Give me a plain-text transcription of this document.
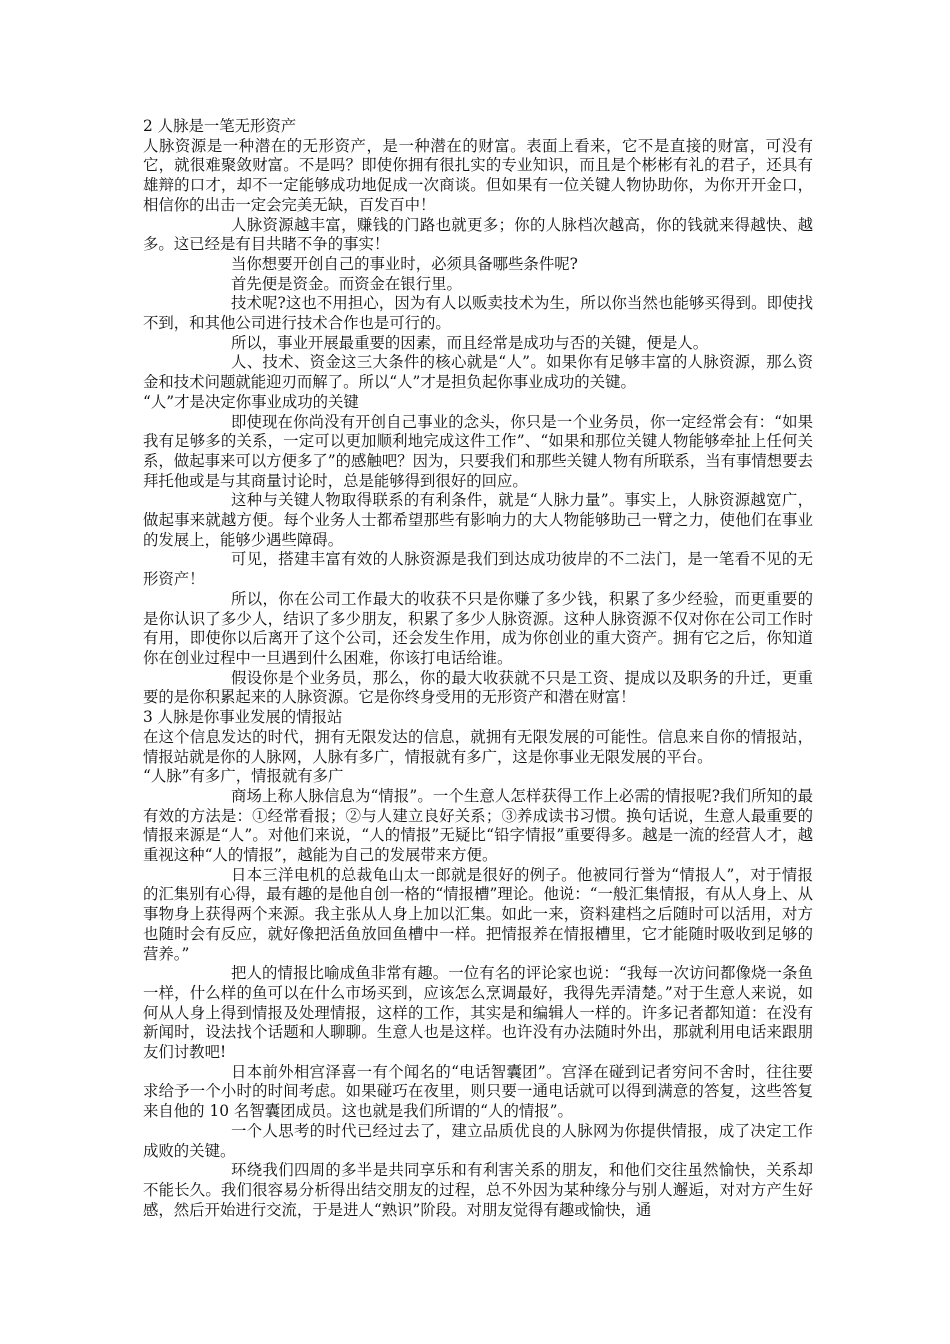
2 人脉是一笔无形资产

人脉资源是一种潜在的无形资产，是一种潜在的财富。表面上看来，它不是直接的财富，可没有它，就很难聚敛财富。不是吗？即使你拥有很扎实的专业知识，而且是个彬彬有礼的君子，还具有雄辩的口才，却不一定能够成功地促成一次商谈。但如果有一位关键人物协助你，为你开开金口，相信你的出击一定会完美无缺，百发百中！

人脉资源越丰富，赚钱的门路也就更多；你的人脉档次越高，你的钱就来得越快、越多。这已经是有目共睹不争的事实！

当你想要开创自己的事业时，必须具备哪些条件呢?

首先便是资金。而资金在银行里。

技术呢?这也不用担心，因为有人以贩卖技术为生，所以你当然也能够买得到。即使找不到，和其他公司进行技术合作也是可行的。

所以，事业开展最重要的因素，而且经常是成功与否的关键，便是人。

人、技术、资金这三大条件的核心就是“人”。如果你有足够丰富的人脉资源，那么资金和技术问题就能迎刃而解了。所以“人”才是担负起你事业成功的关键。

“人”才是决定你事业成功的关键

即使现在你尚没有开创自己事业的念头，你只是一个业务员，你一定经常会有：“如果我有足够多的关系，一定可以更加顺利地完成这件工作”、“如果和那位关键人物能够牵扯上任何关系，做起事来可以方便多了”的感触吧？因为，只要我们和那些关键人物有所联系，当有事情想要去拜托他或是与其商量讨论时，总是能够得到很好的回应。

这种与关键人物取得联系的有利条件，就是“人脉力量”。事实上，人脉资源越宽广，做起事来就越方便。每个业务人士都希望那些有影响力的大人物能够助己一臂之力，使他们在事业的发展上，能够少遇些障碍。

可见，搭建丰富有效的人脉资源是我们到达成功彼岸的不二法门，是一笔看不见的无形资产！

所以，你在公司工作最大的收获不只是你赚了多少钱，积累了多少经验，而更重要的是你认识了多少人，结识了多少朋友，积累了多少人脉资源。这种人脉资源不仅对你在公司工作时有用，即使你以后离开了这个公司，还会发生作用，成为你创业的重大资产。拥有它之后，你知道你在创业过程中一旦遇到什么困难，你该打电话给谁。

假设你是个业务员，那么，你的最大收获就不只是工资、提成以及职务的升迁，更重要的是你积累起来的人脉资源。它是你终身受用的无形资产和潜在财富！

3 人脉是你事业发展的情报站

在这个信息发达的时代，拥有无限发达的信息，就拥有无限发展的可能性。信息来自你的情报站，情报站就是你的人脉网，人脉有多广，情报就有多广，这是你事业无限发展的平台。

“人脉”有多广，情报就有多广

商场上称人脉信息为“情报”。一个生意人怎样获得工作上必需的情报呢?我们所知的最有效的方法是：①经常看报；②与人建立良好关系；③养成读书习惯。换句话说，生意人最重要的情报来源是“人”。对他们来说，“人的情报”无疑比“铅字情报”重要得多。越是一流的经营人才，越重视这种“人的情报”，越能为自己的发展带来方便。

日本三洋电机的总裁龟山太一郎就是很好的例子。他被同行誉为“情报人”，对于情报的汇集别有心得，最有趣的是他自创一格的“情报槽”理论。他说：“一般汇集情报，有从人身上、从事物身上获得两个来源。我主张从人身上加以汇集。如此一来，资料建档之后随时可以活用，对方也随时会有反应，就好像把活鱼放回鱼槽中一样。把情报养在情报槽里，它才能随时吸收到足够的营养。”

把人的情报比喻成鱼非常有趣。一位有名的评论家也说：“我每一次访问都像烧一条鱼一样，什么样的鱼可以在什么市场买到，应该怎么烹调最好，我得先弄清楚。”对于生意人来说，如何从人身上得到情报及处理情报，这样的工作，其实是和编辑人一样的。许多记者都知道：在没有新闻时，设法找个话题和人聊聊。生意人也是这样。也许没有办法随时外出，那就利用电话来跟朋友们讨教吧!

日本前外相宫泽喜一有个闻名的“电话智囊团”。宫泽在碰到记者穷问不舍时，往往要求给予一个小时的时间考虑。如果碰巧在夜里，则只要一通电话就可以得到满意的答复，这些答复来自他的 10 名智囊团成员。这也就是我们所谓的“人的情报”。

一个人思考的时代已经过去了，建立品质优良的人脉网为你提供情报，成了决定工作成败的关键。

环绕我们四周的多半是共同享乐和有利害关系的朋友，和他们交往虽然愉快，关系却不能长久。我们很容易分析得出结交朋友的过程，总不外因为某种缘分与别人邂逅，对对方产生好感，然后开始进行交流，于是进人“熟识”阶段。对朋友觉得有趣或愉快，通
